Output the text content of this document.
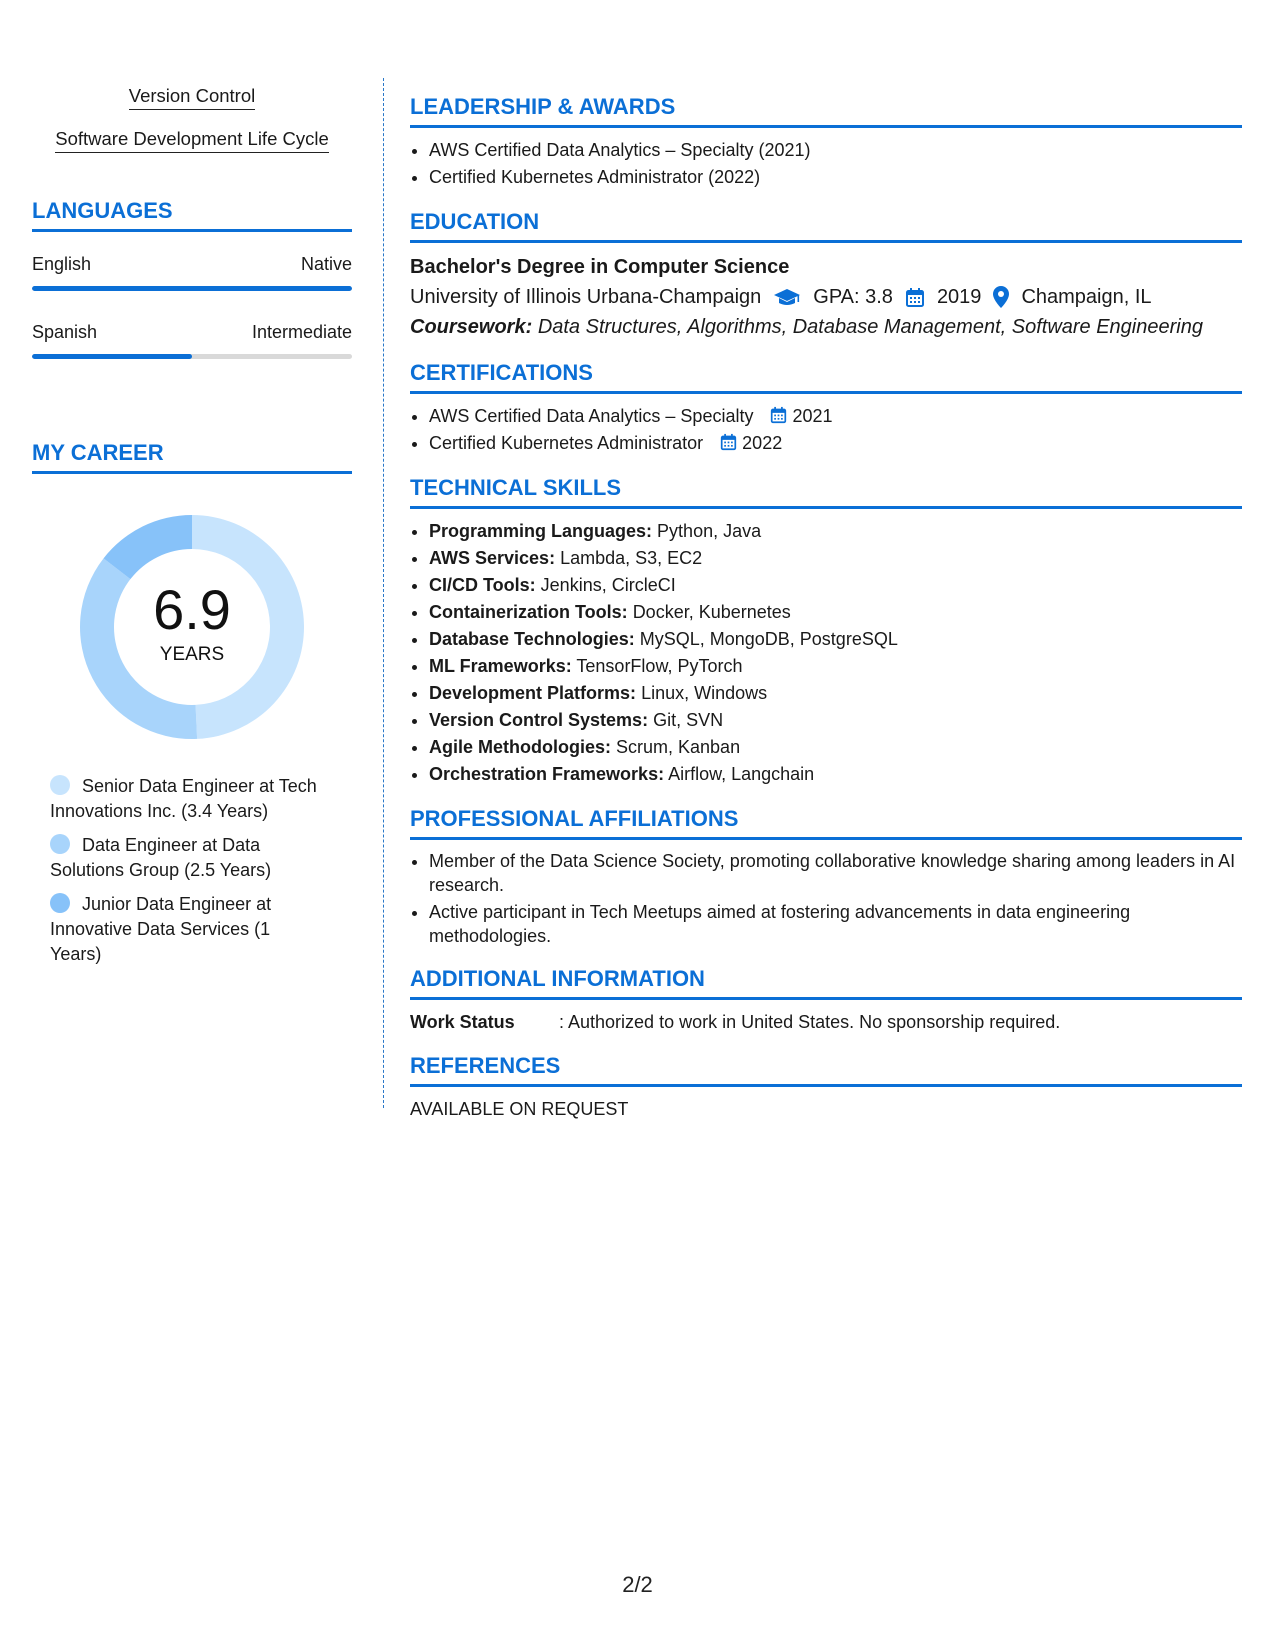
Version Control
Software Development Life Cycle
LANGUAGES
English	Native
Spanish	Intermediate
MY CAREER
6.9
YEARS
Senior Data Engineer at Tech
Innovations Inc. (3.4 Years)
Data Engineer at Data
Solutions Group (2.5 Years)
Junior Data Engineer at
Innovative Data Services (1
Years)
LEADERSHIP & AWARDS
• AWS Certified Data Analytics – Specialty (2021)
• Certified Kubernetes Administrator (2022)
EDUCATION
Bachelor's Degree in Computer Science
University of Illinois Urbana-Champaign	GPA: 3.8 2019 Champaign, IL
Coursework: Data Structures, Algorithms, Database Management, Software Engineering
CERTIFICATIONS
• AWS Certified Data Analytics – Specialty 2021
• Certified Kubernetes Administrator 2022
TECHNICAL SKILLS
• Programming Languages: Python, Java
• AWS Services: Lambda, S3, EC2
• CI/CD Tools: Jenkins, CircleCI
• Containerization Tools: Docker, Kubernetes
• Database Technologies: MySQL, MongoDB, PostgreSQL
• ML Frameworks: TensorFlow, PyTorch
• Development Platforms: Linux, Windows
• Version Control Systems: Git, SVN
• Agile Methodologies: Scrum, Kanban
• Orchestration Frameworks: Airflow, Langchain
PROFESSIONAL AFFILIATIONS
• Member of the Data Science Society, promoting collaborative knowledge sharing among leaders in AI research.
• Active participant in Tech Meetups aimed at fostering advancements in data engineering methodologies.
ADDITIONAL INFORMATION
Work Status	: Authorized to work in United States. No sponsorship required.
REFERENCES
AVAILABLE ON REQUEST
2/2
